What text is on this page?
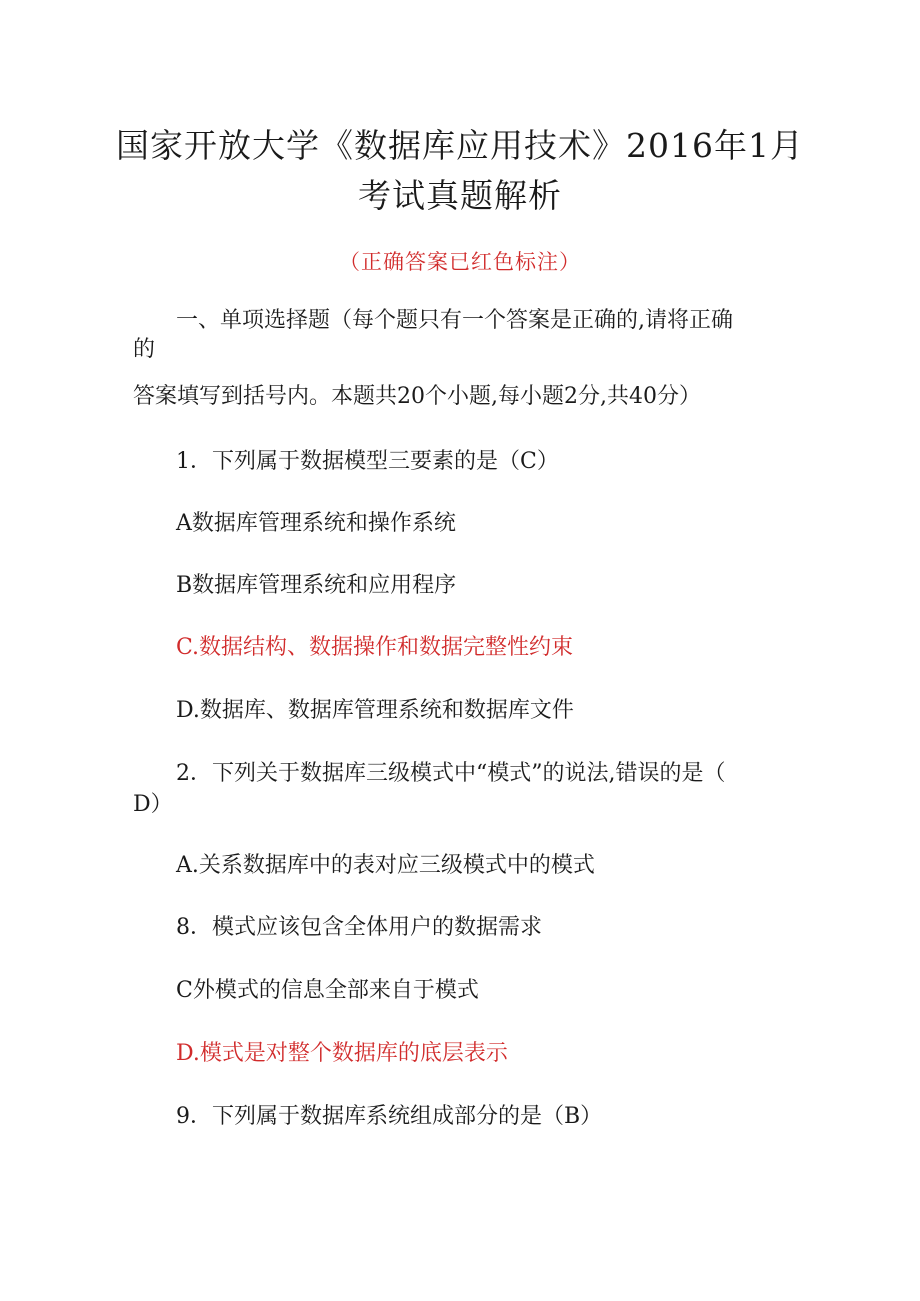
国家开放大学《数据库应用技术》2016年1月
考试真题解析
（正确答案已红色标注）
一、单项选择题（每个题只有一个答案是正确的,请将正确
的
答案填写到括号内。本题共20个小题,每小题2分,共40分）
1．下列属于数据模型三要素的是（C）
A数据库管理系统和操作系统
B数据库管理系统和应用程序
C.数据结构、数据操作和数据完整性约束
D.数据库、数据库管理系统和数据库文件
2．下列关于数据库三级模式中“模式”的说法,错误的是（
D）
A.关系数据库中的表对应三级模式中的模式
8．模式应该包含全体用户的数据需求
C外模式的信息全部来自于模式
D.模式是对整个数据库的底层表示
9．下列属于数据库系统组成部分的是（B）
